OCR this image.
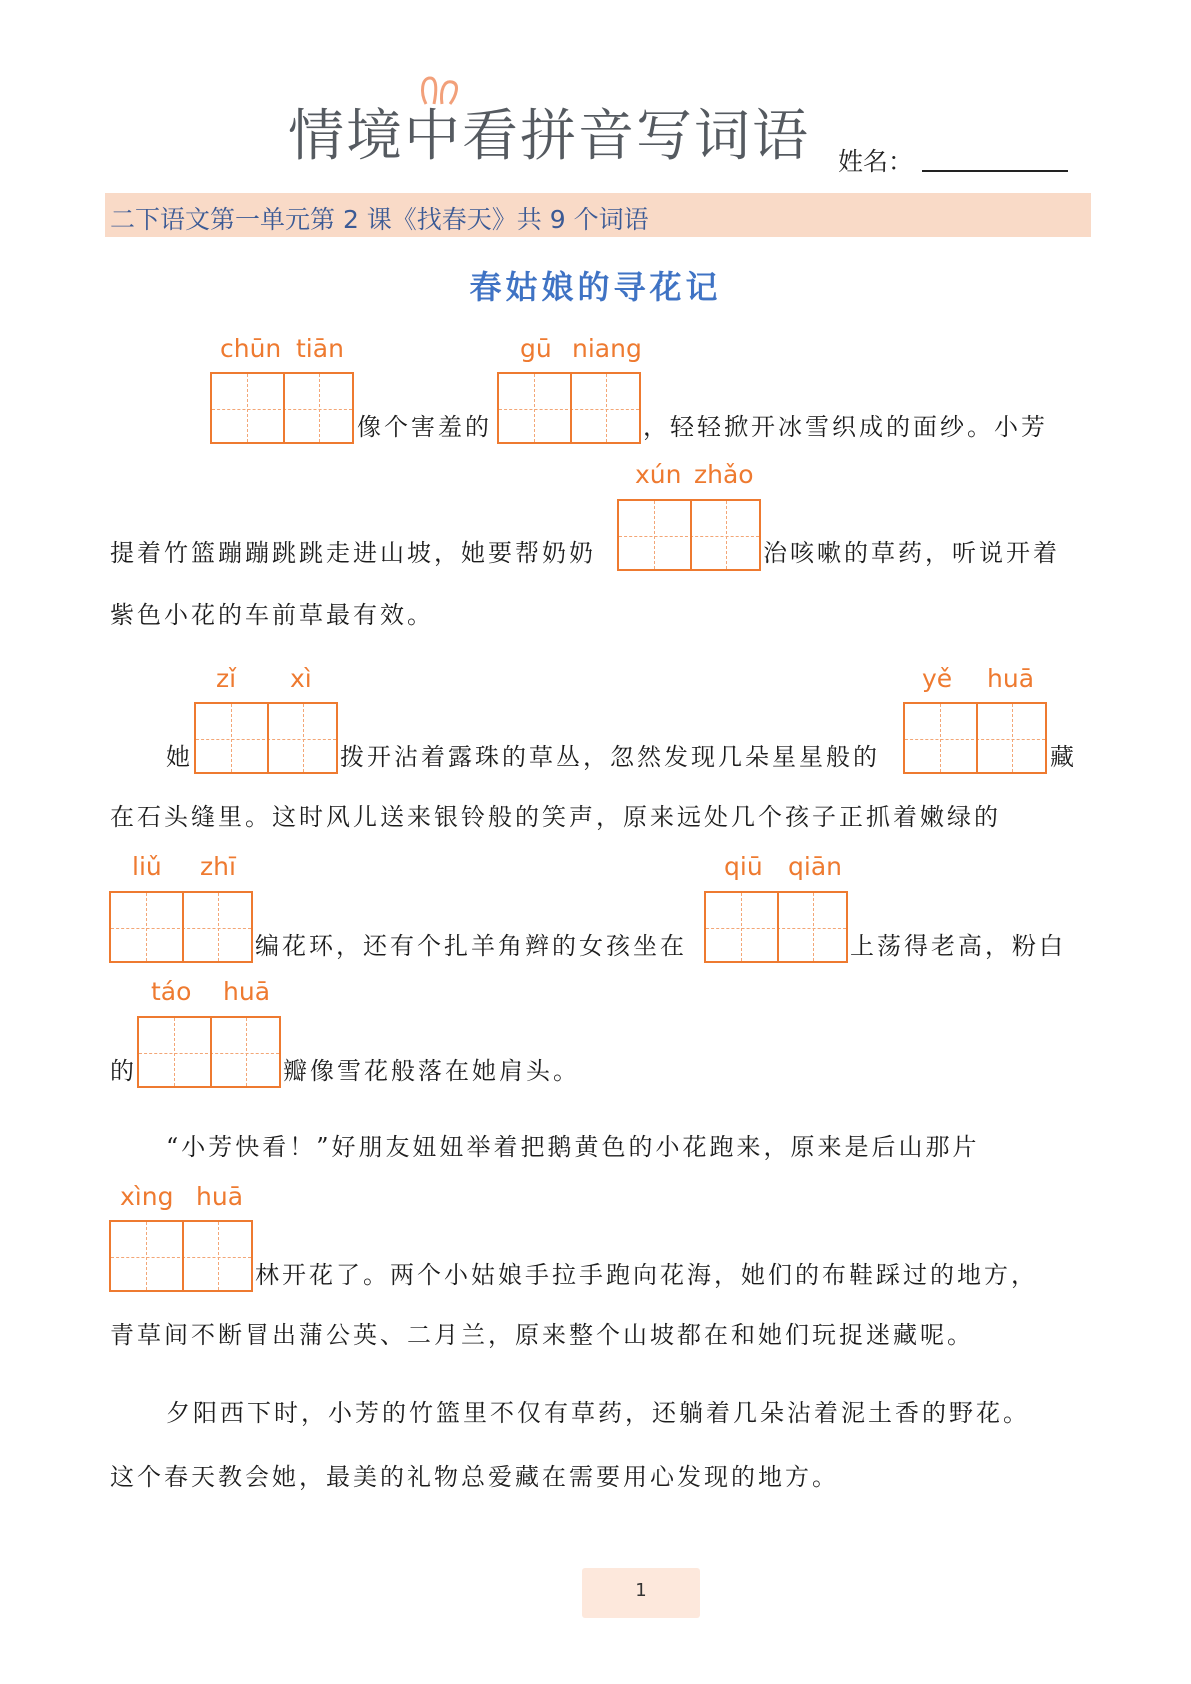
情境中看拼音写词语 姓名：
二下语文第一单元第 2 课《找春天》共 9 个词语
春姑娘的寻花记
chūn tiān
像个害羞的
gū niang
，轻轻掀开冰雪织成的面纱。小芳
xún zhǎo
提着竹篮蹦蹦跳跳走进山坡，她要帮奶奶	治咳嗽的草药，听说开着
紫色小花的车前草最有效。
zǐ xì
她	拨开沾着露珠的草丛，忽然发现几朵星星般的
yě huā
藏
在石头缝里。这时风儿送来银铃般的笑声，原来远处几个孩子正抓着嫩绿的
liǔ zhī
编花环，还有个扎羊角辫的女孩坐在
qiū qiān
上荡得老高，粉白
táo huā
的	瓣像雪花般落在她肩头。
“小芳快看！”好朋友妞妞举着把鹅黄色的小花跑来，原来是后山那片
xìng huā
林开花了。两个小姑娘手拉手跑向花海，她们的布鞋踩过的地方，
青草间不断冒出蒲公英、二月兰，原来整个山坡都在和她们玩捉迷藏呢。
夕阳西下时，小芳的竹篮里不仅有草药，还躺着几朵沾着泥土香的野花。
这个春天教会她，最美的礼物总爱藏在需要用心发现的地方。
1
